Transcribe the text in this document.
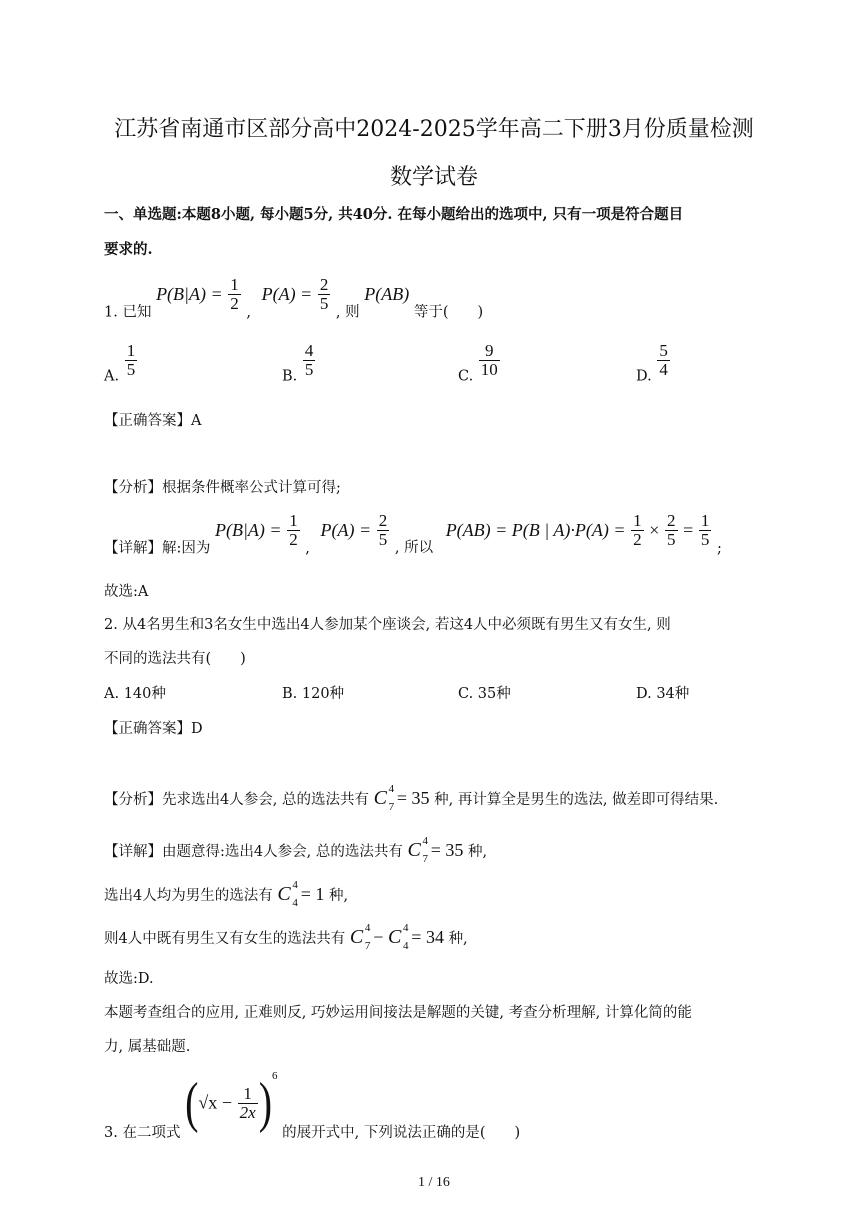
江苏省南通市区部分高中2024-2025学年高二下册3月份质量检测
数学试卷
一、单选题:本题8小题, 每小题5分, 共40分. 在每小题给出的选项中, 只有一项是符合题目
要求的.
1. 已知 $P(B|A) = \frac{1}{2}$ , $P(A) = \frac{2}{5}$ , 则 P(AB) 等于(　　)
A. $\frac{1}{5}$	B. $\frac{4}{5}$	C. $\frac{9}{10}$	D. $\frac{5}{4}$
【正确答案】A
【分析】根据条件概率公式计算可得;
【详解】解:因为 $P(B|A) = \frac{1}{2}$ , $P(A) = \frac{2}{5}$ , 所以 P(AB) = P(B | $A)\cdot P(A) = \frac{1}{2} \times \frac{2}{5} = \frac{1}{5}$ ;
故选:A
2. 从4名男生和3名女生中选出4人参加某个座谈会, 若这4人中必须既有男生又有女生, 则
不同的选法共有(　　)
A. 140种	B. 120种	C. 35种	D. 34种
【正确答案】D
【分析】先求选出4人参会, 总的选法共有 C 4
7 = 35 种, 再计算全是男生的选法, 做差即可得结果.
【详解】由题意得:选出4人参会, 总的选法共有 C 4
7 = 35 种,
选出4人均为男生的选法有 C 4
4 = 1 种,
则4人中既有男生又有女生的选法共有 C 4
7 − C 4
4 = 34 种,
故选:D.
本题考查组合的应用, 正难则反, 巧妙运用间接法是解题的关键, 考查分析理解, 计算化简的能
力, 属基础题.
3. 在二项式 $(√x - \frac{1}{2x} )^6$ 的展开式中, 下列说法正确的是(　　)
1 / 16
